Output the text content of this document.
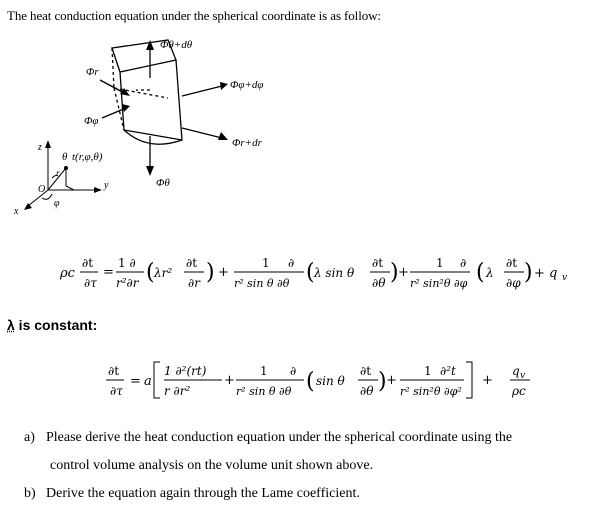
The heat conduction equation under the spherical coordinate is as follow:
Φθ+dθ
Φr
Φφ
Φφ+dφ
Φr+dr
Φθ
θ t(r,φ,θ)
z
y
x
O
φ
r
ρc
∂t
∂τ
=
1 ∂
r²∂r ( λr²
∂t
∂r ) +
1
r² sin θ ∂θ
∂ ( λ sin θ
∂t
∂θ ) +
1
r² sin²θ ∂φ
∂ ( λ
∂t
∂φ ) + q v
λ is constant:
∂t
∂τ
= a
1 ∂²(rt)
r ∂r²
+
1
r² sin θ ∂θ
∂ ( sin θ
∂t
∂θ ) +
1
r² sin²θ ∂φ²
∂²t
+
q v
ρc
a) Please derive the heat conduction equation under the spherical coordinate using the
control volume analysis on the volume unit shown above.
b) Derive the equation again through the Lame coefficient.
